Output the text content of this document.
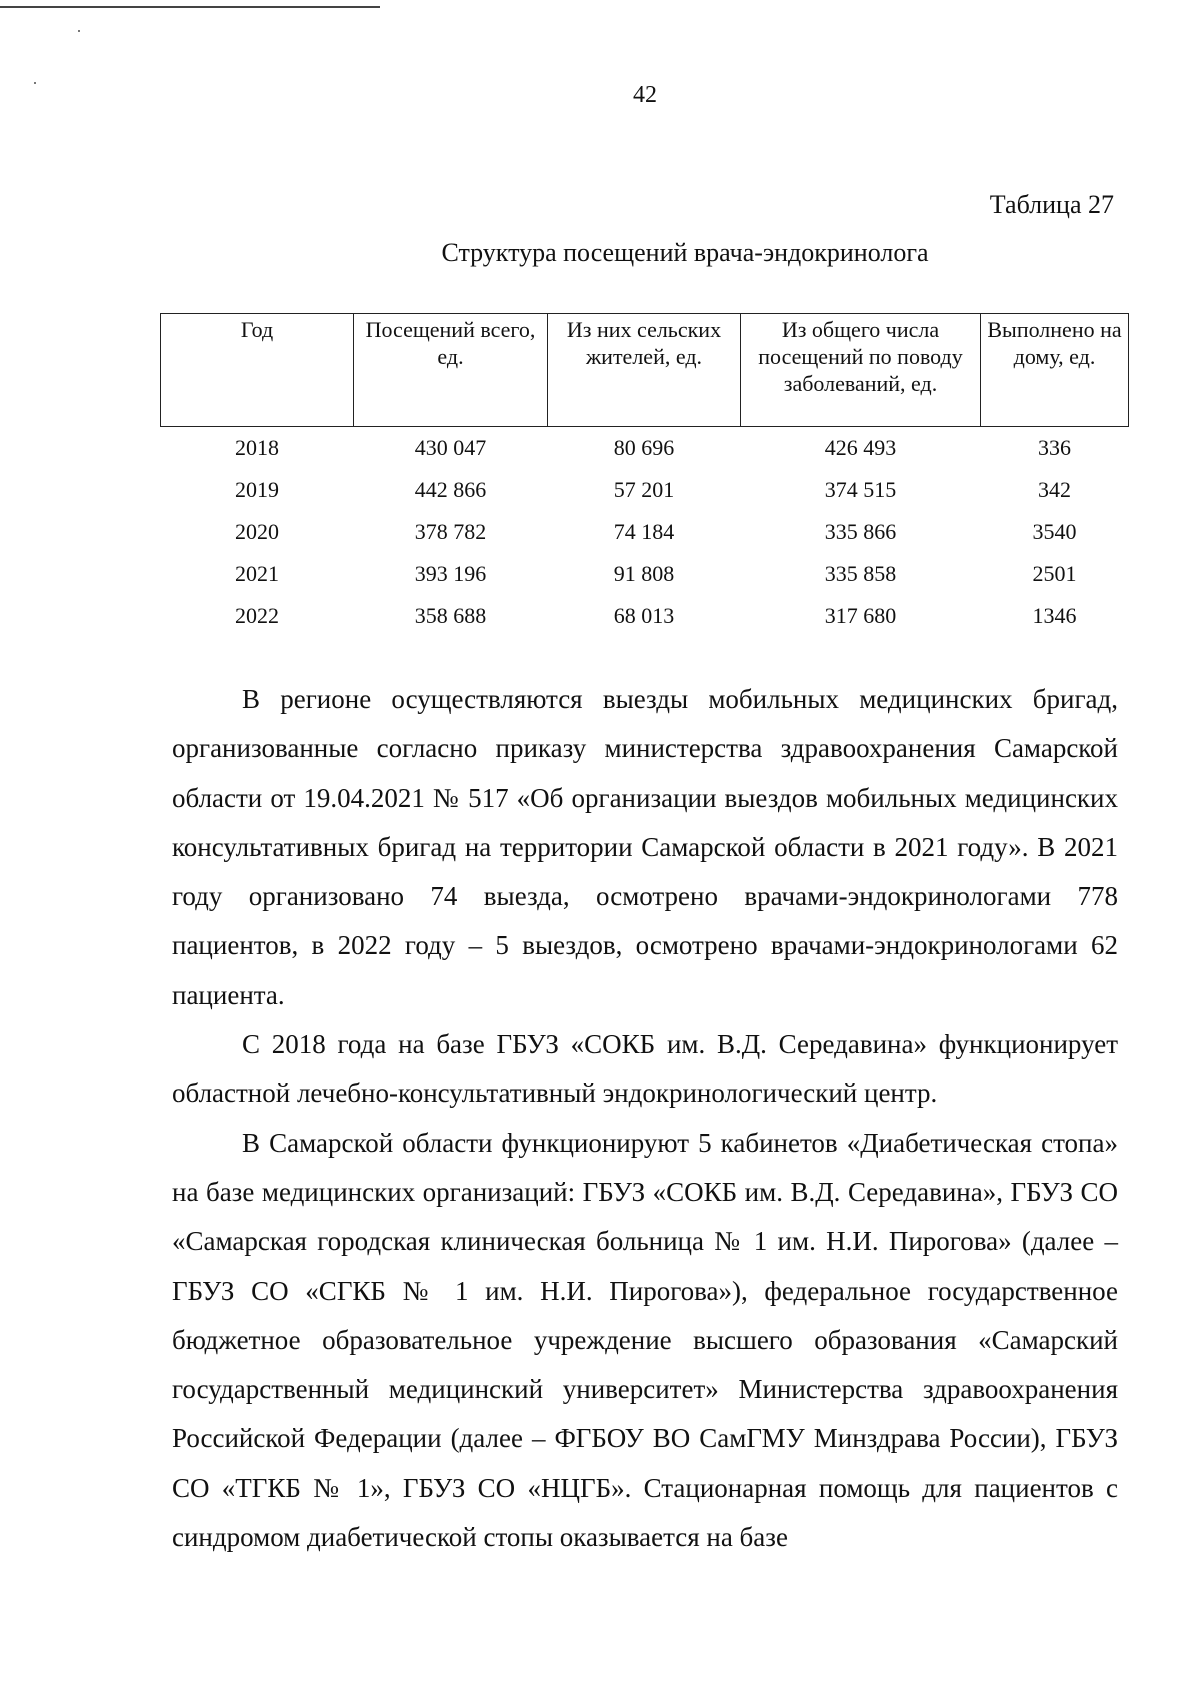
42
Таблица 27
Структура посещений врача-эндокринолога
Год	Посещений всего, ед.	Из них сельских жителей, ед.	Из общего числа посещений по поводу заболеваний, ед.	Выполнено на дому, ед.
2018	430 047	80 696	426 493	336
2019	442 866	57 201	374 515	342
2020	378 782	74 184	335 866	3540
2021	393 196	91 808	335 858	2501
2022	358 688	68 013	317 680	1346

В регионе осуществляются выезды мобильных медицинских бригад, организованные согласно приказу министерства здравоохранения Самарской области от 19.04.2021 № 517 «Об организации выездов мобильных медицинских консультативных бригад на территории Самарской области в 2021 году». В 2021 году организовано 74 выезда, осмотрено врачами-эндокринологами 778 пациентов, в 2022 году – 5 выездов, осмотрено врачами-эндокринологами 62 пациента.

С 2018 года на базе ГБУЗ «СОКБ им. В.Д. Середавина» функционирует областной лечебно-консультативный эндокринологический центр.

В Самарской области функционируют 5 кабинетов «Диабетическая стопа» на базе медицинских организаций: ГБУЗ «СОКБ им. В.Д. Середавина», ГБУЗ СО «Самарская городская клиническая больница № 1 им. Н.И. Пирогова» (далее – ГБУЗ СО «СГКБ № 1 им. Н.И. Пирогова»), федеральное государственное бюджетное образовательное учреждение высшего образования «Самарский государственный медицинский университет» Министерства здравоохранения Российской Федерации (далее – ФГБОУ ВО СамГМУ Минздрава России), ГБУЗ СО «ТГКБ № 1», ГБУЗ СО «НЦГБ». Стационарная помощь для пациентов с синдромом диабетической стопы оказывается на базе
